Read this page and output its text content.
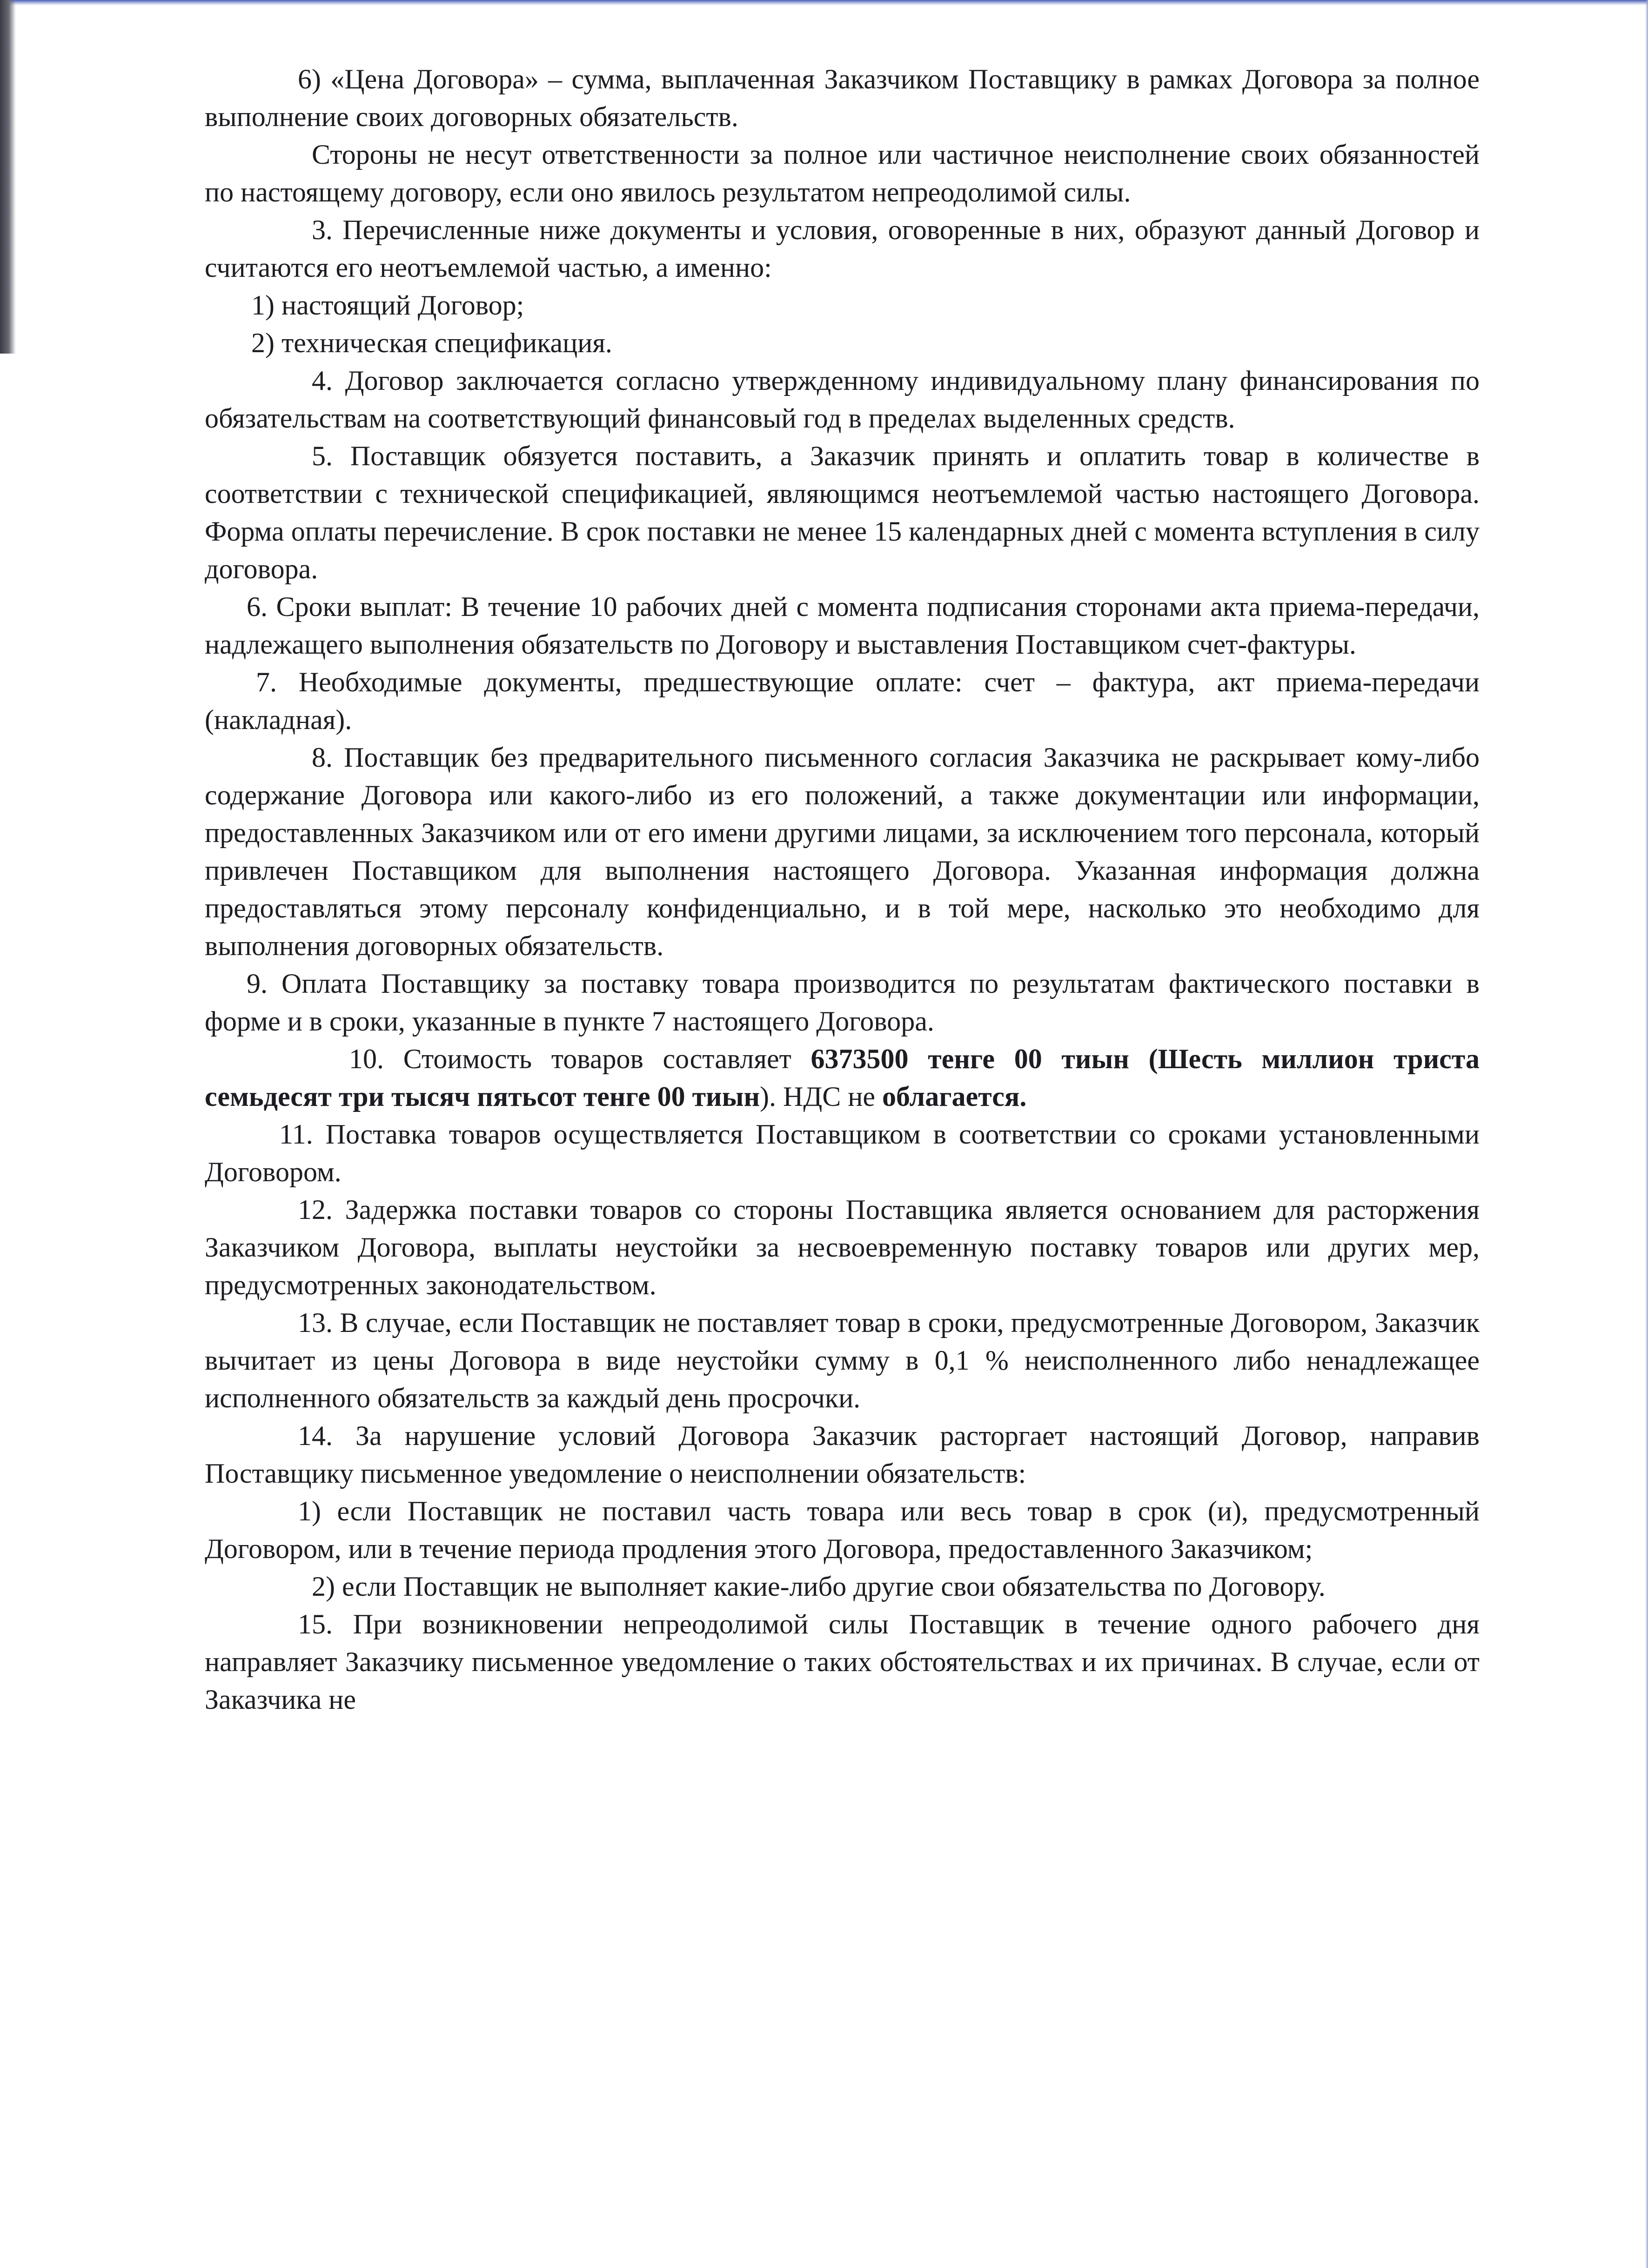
6) «Цена Договора» – сумма, выплаченная Заказчиком Поставщику в рамках Договора за полное выполнение своих договорных обязательств.

Стороны не несут ответственности за полное или частичное неисполнение своих обязанностей по настоящему договору, если оно явилось результатом непреодолимой силы.

3. Перечисленные ниже документы и условия, оговоренные в них, образуют данный Договор и считаются его неотъемлемой частью, а именно:

1) настоящий Договор;

2) техническая спецификация.

4. Договор заключается согласно утвержденному индивидуальному плану финансирования по обязательствам на соответствующий финансовый год в пределах выделенных средств.

5. Поставщик обязуется поставить, а Заказчик принять и оплатить товар в количестве в соответствии с технической спецификацией, являющимся неотъемлемой частью настоящего Договора. Форма оплаты перечисление. В срок поставки не менее 15 календарных дней с момента вступления в силу договора.

6. Сроки выплат: В течение 10 рабочих дней с момента подписания сторонами акта приема-передачи, надлежащего выполнения обязательств по Договору и выставления Поставщиком счет-фактуры.

7. Необходимые документы, предшествующие оплате: счет – фактура, акт приема-передачи (накладная).

8. Поставщик без предварительного письменного согласия Заказчика не раскрывает кому-либо содержание Договора или какого-либо из его положений, а также документации или информации, предоставленных Заказчиком или от его имени другими лицами, за исключением того персонала, который привлечен Поставщиком для выполнения настоящего Договора. Указанная информация должна предоставляться этому персоналу конфиденциально, и в той мере, насколько это необходимо для выполнения договорных обязательств.

9. Оплата Поставщику за поставку товара производится по результатам фактического поставки в форме и в сроки, указанные в пункте 7 настоящего Договора.

10. Стоимость товаров составляет 6373500 тенге 00 тиын (Шесть миллион триста семьдесят три тысяч пятьсот тенге 00 тиын). НДС не облагается.

11. Поставка товаров осуществляется Поставщиком в соответствии со сроками установленными Договором.

12. Задержка поставки товаров со стороны Поставщика является основанием для расторжения Заказчиком Договора, выплаты неустойки за несвоевременную поставку товаров или других мер, предусмотренных законодательством.

13. В случае, если Поставщик не поставляет товар в сроки, предусмотренные Договором, Заказчик вычитает из цены Договора в виде неустойки сумму в 0,1 % неисполненного либо ненадлежащее исполненного обязательств за каждый день просрочки.

14. За нарушение условий Договора Заказчик расторгает настоящий Договор, направив Поставщику письменное уведомление о неисполнении обязательств:

1) если Поставщик не поставил часть товара или весь товар в срок (и), предусмотренный Договором, или в течение периода продления этого Договора, предоставленного Заказчиком;

2) если Поставщик не выполняет какие-либо другие свои обязательства по Договору.

15. При возникновении непреодолимой силы Поставщик в течение одного рабочего дня направляет Заказчику письменное уведомление о таких обстоятельствах и их причинах. В случае, если от Заказчика не
